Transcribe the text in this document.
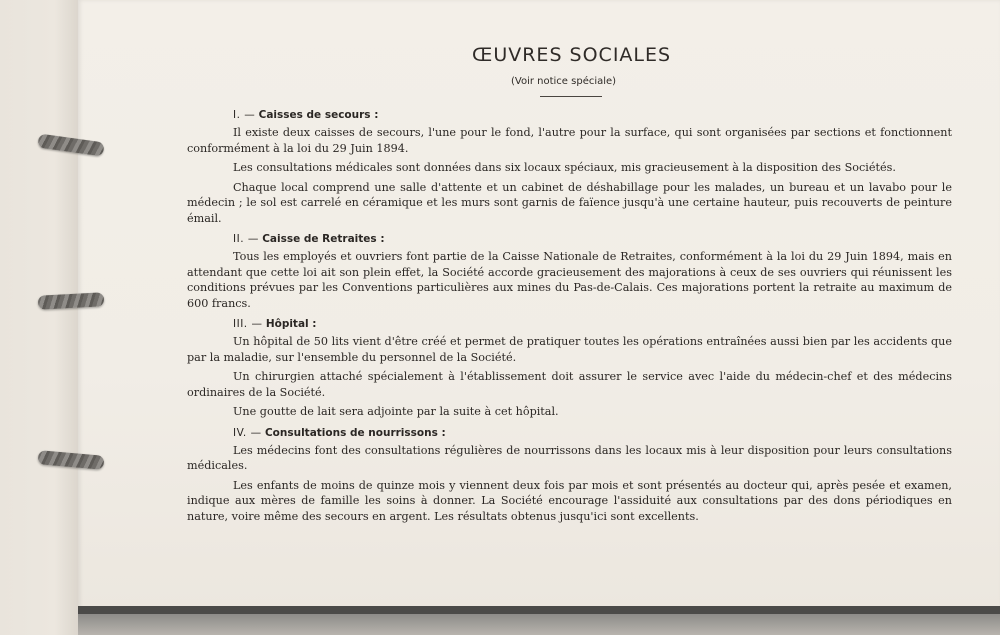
ŒUVRES SOCIALES
(Voir notice spéciale)
I. — Caisses de secours :

Il existe deux caisses de secours, l'une pour le fond, l'autre pour la surface, qui sont organisées par sections et fonctionnent conformément à la loi du 29 Juin 1894.

Les consultations médicales sont données dans six locaux spéciaux, mis gracieusement à la disposition des Sociétés.

Chaque local comprend une salle d'attente et un cabinet de déshabillage pour les malades, un bureau et un lavabo pour le médecin ; le sol est carrelé en céramique et les murs sont garnis de faïence jusqu'à une certaine hauteur, puis recouverts de peinture émail.

II. — Caisse de Retraites :

Tous les employés et ouvriers font partie de la Caisse Nationale de Retraites, conformément à la loi du 29 Juin 1894, mais en attendant que cette loi ait son plein effet, la Société accorde gracieusement des majorations à ceux de ses ouvriers qui réunissent les conditions prévues par les Conventions particulières aux mines du Pas-de-Calais. Ces majorations portent la retraite au maximum de 600 francs.

III. — Hôpital :

Un hôpital de 50 lits vient d'être créé et permet de pratiquer toutes les opérations entraînées aussi bien par les accidents que par la maladie, sur l'ensemble du personnel de la Société.

Un chirurgien attaché spécialement à l'établissement doit assurer le service avec l'aide du médecin-chef et des médecins ordinaires de la Société.

Une goutte de lait sera adjointe par la suite à cet hôpital.

IV. — Consultations de nourrissons :

Les médecins font des consultations régulières de nourrissons dans les locaux mis à leur disposition pour leurs consultations médicales.

Les enfants de moins de quinze mois y viennent deux fois par mois et sont présentés au docteur qui, après pesée et examen, indique aux mères de famille les soins à donner. La Société encourage l'assiduité aux consultations par des dons périodiques en nature, voire même des secours en argent. Les résultats obtenus jusqu'ici sont excellents.
